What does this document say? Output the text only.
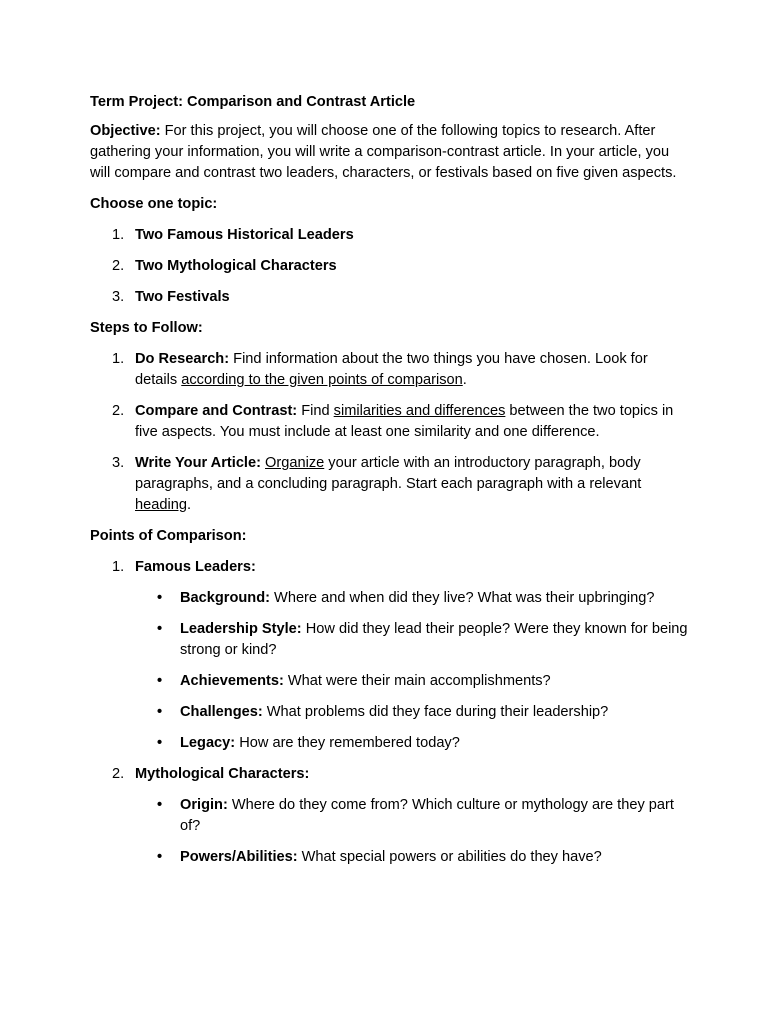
Term Project: Comparison and Contrast Article

Objective: For this project, you will choose one of the following topics to research. After gathering your information, you will write a comparison-contrast article. In your article, you will compare and contrast two leaders, characters, or festivals based on five given aspects.

Choose one topic:

1. Two Famous Historical Leaders
2. Two Mythological Characters
3. Two Festivals

Steps to Follow:

1. Do Research: Find information about the two things you have chosen. Look for details according to the given points of comparison.
2. Compare and Contrast: Find similarities and differences between the two topics in five aspects. You must include at least one similarity and one difference.
3. Write Your Article: Organize your article with an introductory paragraph, body paragraphs, and a concluding paragraph. Start each paragraph with a relevant heading.

Points of Comparison:

1. Famous Leaders:
• Background: Where and when did they live? What was their upbringing?
• Leadership Style: How did they lead their people? Were they known for being strong or kind?
• Achievements: What were their main accomplishments?
• Challenges: What problems did they face during their leadership?
• Legacy: How are they remembered today?
2. Mythological Characters:
• Origin: Where do they come from? Which culture or mythology are they part of?
• Powers/Abilities: What special powers or abilities do they have?
